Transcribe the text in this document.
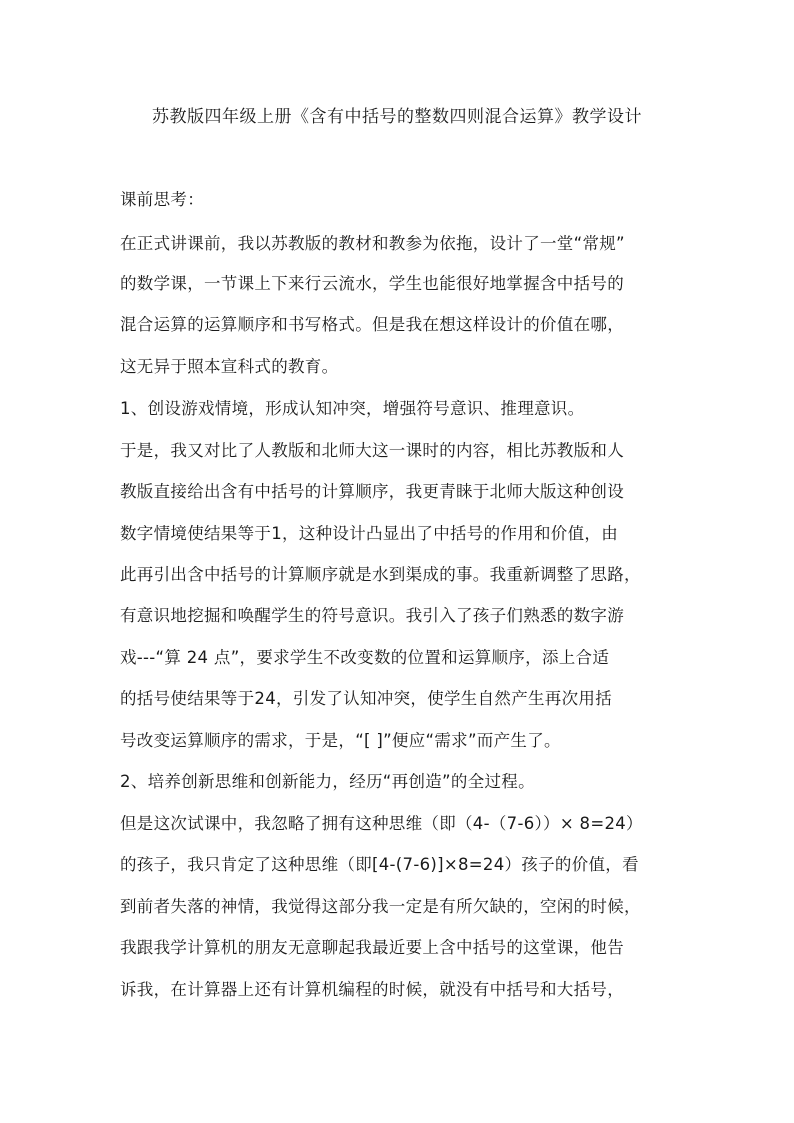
苏教版四年级上册《含有中括号的整数四则混合运算》教学设计
课前思考：
在正式讲课前，我以苏教版的教材和教参为依拖，设计了一堂“常规”
的数学课，一节课上下来行云流水，学生也能很好地掌握含中括号的
混合运算的运算顺序和书写格式。但是我在想这样设计的价值在哪，
这无异于照本宣科式的教育。
1、创设游戏情境，形成认知冲突，增强符号意识、推理意识。
于是，我又对比了人教版和北师大这一课时的内容，相比苏教版和人
教版直接给出含有中括号的计算顺序，我更青睐于北师大版这种创设
数字情境使结果等于1，这种设计凸显出了中括号的作用和价值，由
此再引出含中括号的计算顺序就是水到渠成的事。我重新调整了思路，
有意识地挖掘和唤醒学生的符号意识。我引入了孩子们熟悉的数字游
戏---“算 24 点”，要求学生不改变数的位置和运算顺序，添上合适
的括号使结果等于24，引发了认知冲突，使学生自然产生再次用括
号改变运算顺序的需求，于是，“[ ]”便应“需求”而产生了。
2、培养创新思维和创新能力，经历“再创造”的全过程。
但是这次试课中，我忽略了拥有这种思维（即（4-（7-6））× 8=24）
的孩子，我只肯定了这种思维（即[4-(7-6)]×8=24）孩子的价值，看
到前者失落的神情，我觉得这部分我一定是有所欠缺的，空闲的时候，
我跟我学计算机的朋友无意聊起我最近要上含中括号的这堂课，他告
诉我，在计算器上还有计算机编程的时候，就没有中括号和大括号，
